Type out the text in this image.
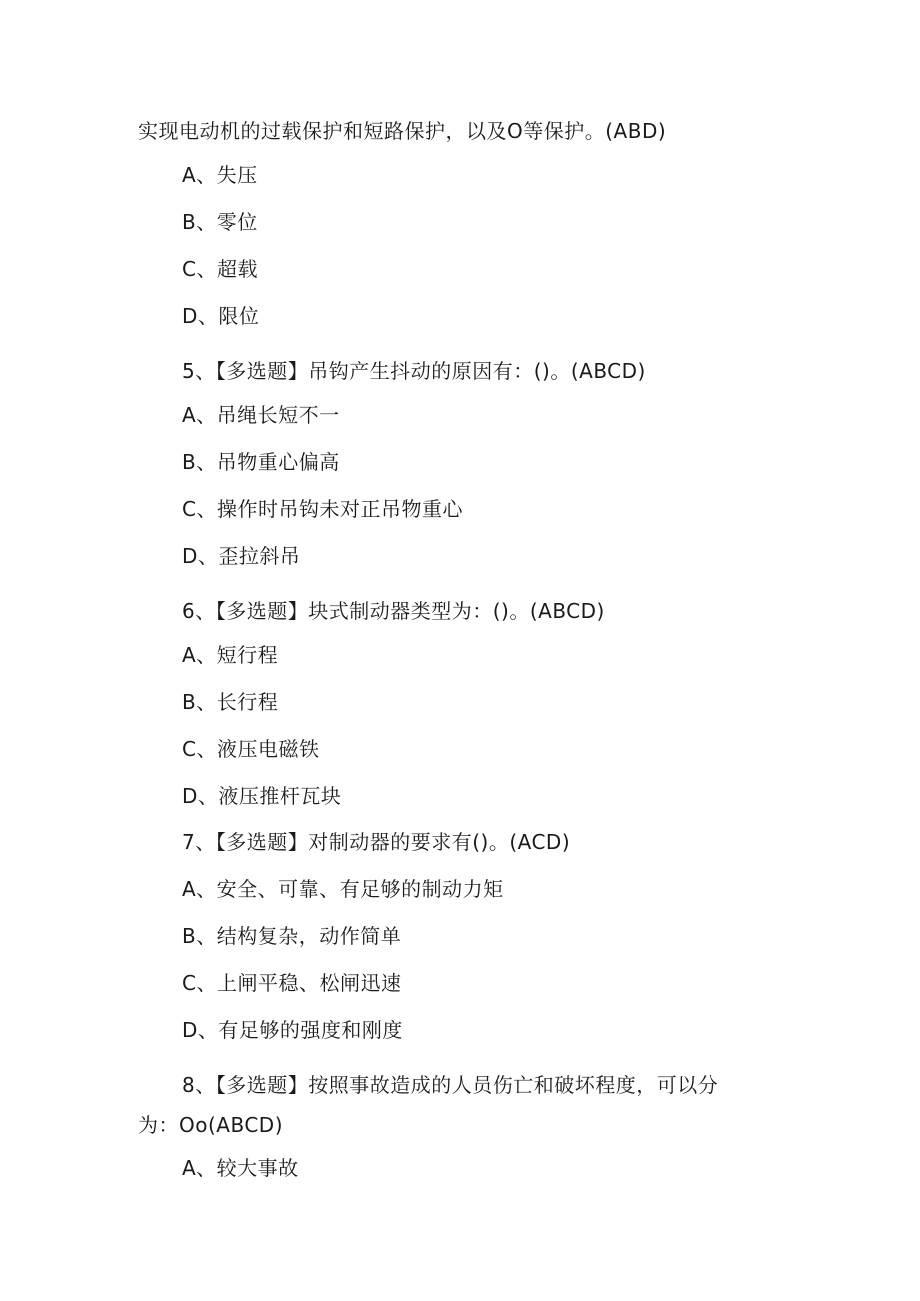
实现电动机的过载保护和短路保护，以及O等保护。(ABD)
A、失压
B、零位
C、超载
D、限位
5、【多选题】吊钩产生抖动的原因有：()。(ABCD)
A、吊绳长短不一
B、吊物重心偏高
C、操作时吊钩未对正吊物重心
D、歪拉斜吊
6、【多选题】块式制动器类型为：()。(ABCD)
A、短行程
B、长行程
C、液压电磁铁
D、液压推杆瓦块
7、【多选题】对制动器的要求有()。(ACD)
A、安全、可靠、有足够的制动力矩
B、结构复杂，动作简单
C、上闸平稳、松闸迅速
D、有足够的强度和刚度
8、【多选题】按照事故造成的人员伤亡和破坏程度，可以分
为：Oo(ABCD)
A、较大事故
